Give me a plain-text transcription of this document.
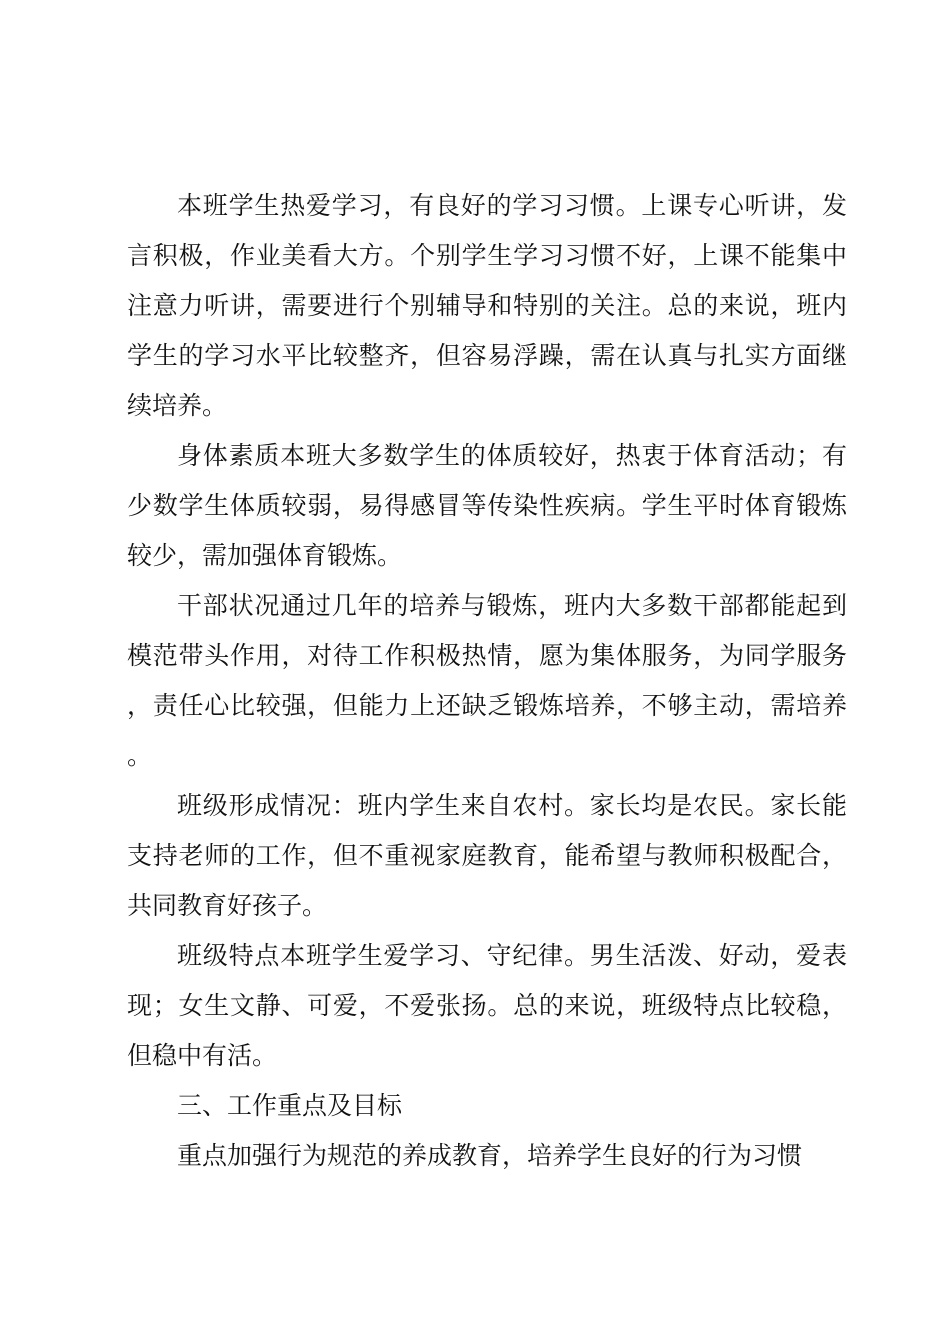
本班学生热爱学习，有良好的学习习惯。上课专心听讲，发言积极，作业美看大方。个别学生学习习惯不好，上课不能集中注意力听讲，需要进行个别辅导和特别的关注。总的来说，班内学生的学习水平比较整齐，但容易浮躁，需在认真与扎实方面继续培养。

身体素质本班大多数学生的体质较好，热衷于体育活动；有少数学生体质较弱，易得感冒等传染性疾病。学生平时体育锻炼较少，需加强体育锻炼。

干部状况通过几年的培养与锻炼，班内大多数干部都能起到模范带头作用，对待工作积极热情，愿为集体服务，为同学服务，责任心比较强，但能力上还缺乏锻炼培养，不够主动，需培养。

班级形成情况：班内学生来自农村。家长均是农民。家长能支持老师的工作，但不重视家庭教育，能希望与教师积极配合，共同教育好孩子。

班级特点本班学生爱学习、守纪律。男生活泼、好动，爱表现；女生文静、可爱，不爱张扬。总的来说，班级特点比较稳，但稳中有活。

三、工作重点及目标

重点加强行为规范的养成教育，培养学生良好的行为习惯
